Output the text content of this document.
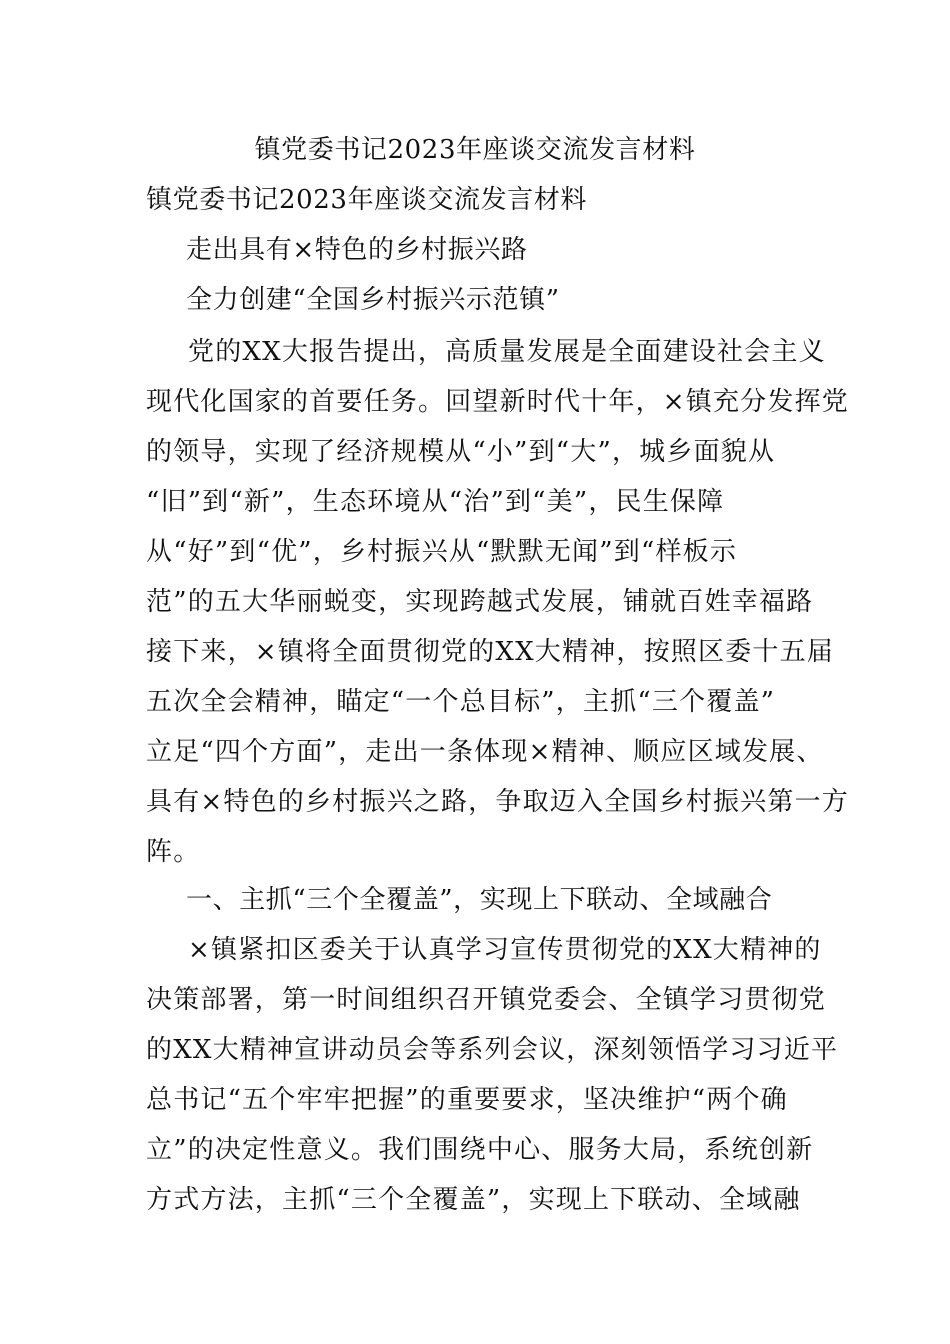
镇党委书记2023年座谈交流发言材料
镇党委书记2023年座谈交流发言材料
走出具有×特色的乡村振兴路
全力创建“全国乡村振兴示范镇”
党的XX大报告提出，高质量发展是全面建设社会主义
现代化国家的首要任务。回望新时代十年，×镇充分发挥党
的领导，实现了经济规模从“小”到“大”，城乡面貌从
“旧”到“新”，生态环境从“治”到“美”，民生保障
从“好”到“优”，乡村振兴从“默默无闻”到“样板示
范”的五大华丽蜕变，实现跨越式发展，铺就百姓幸福路
接下来，×镇将全面贯彻党的XX大精神，按照区委十五届
五次全会精神，瞄定“一个总目标”，主抓“三个覆盖”
立足“四个方面”，走出一条体现×精神、顺应区域发展、
具有×特色的乡村振兴之路，争取迈入全国乡村振兴第一方
阵。
一、主抓“三个全覆盖”，实现上下联动、全域融合
×镇紧扣区委关于认真学习宣传贯彻党的XX大精神的
决策部署，第一时间组织召开镇党委会、全镇学习贯彻党
的XX大精神宣讲动员会等系列会议，深刻领悟学习习近平
总书记“五个牢牢把握”的重要要求，坚决维护“两个确
立”的决定性意义。我们围绕中心、服务大局，系统创新
方式方法，主抓“三个全覆盖”，实现上下联动、全域融
